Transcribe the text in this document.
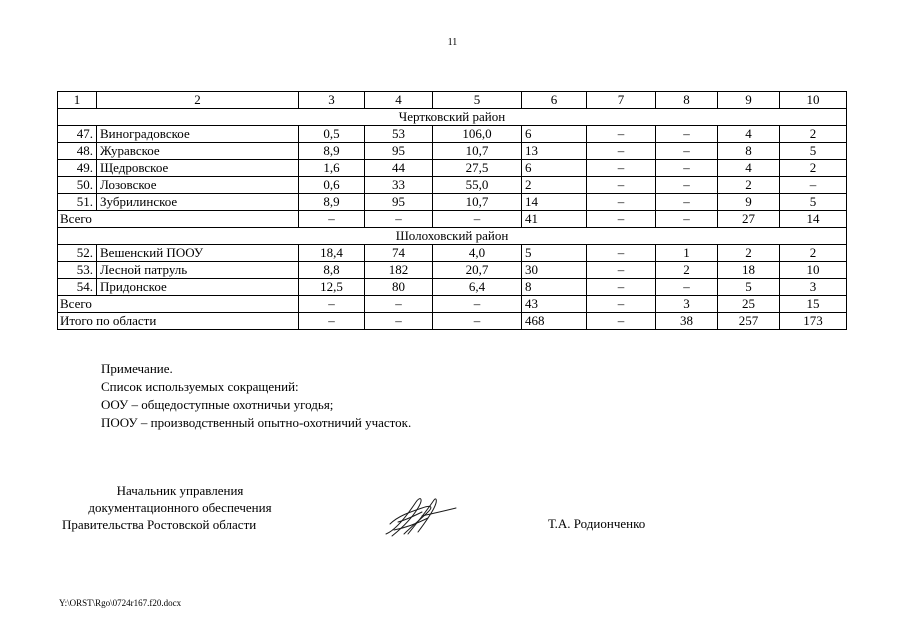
11
1	2	3	4	5	6	7	8	9	10
Чертковский район									
47.	Виноградовское	0,5	53	106,0	6	–	–	4	2
48.	Журавское	8,9	95	10,7	13	–	–	8	5
49.	Щедровское	1,6	44	27,5	6	–	–	4	2
50.	Лозовское	0,6	33	55,0	2	–	–	2	–
51.	Зубрилинское	8,9	95	10,7	14	–	–	9	5
Всего		–	–	–	41	–	–	27	14
Шолоховский район									
52.	Вешенский ПООУ	18,4	74	4,0	5	–	1	2	2
53.	Лесной патруль	8,8	182	20,7	30	–	2	18	10
54.	Придонское	12,5	80	6,4	8	–	–	5	3
Всего		–	–	–	43	–	3	25	15
Итого по области		–	–	–	468	–	38	257	173
Примечание.
Список используемых сокращений:
ООУ – общедоступные охотничьи угодья;
ПООУ – производственный опытно-охотничий участок.
Начальник управления
документационного обеспечения
Правительства Ростовской области	Т.А. Родионченко
Y:\ORST\Rgo\0724r167.f20.docx
